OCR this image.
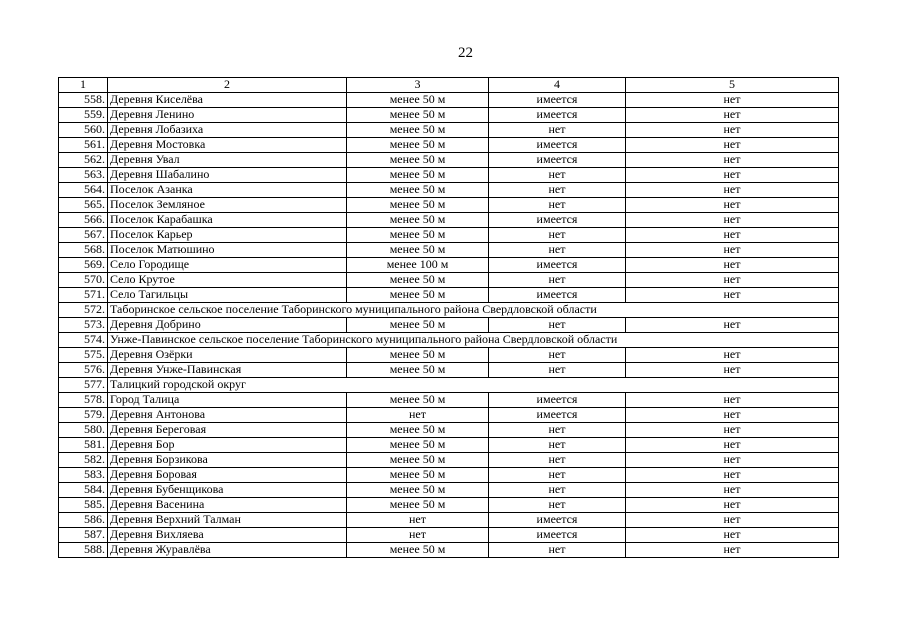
22
1	2	3	4	5
558.	Деревня Киселёва	менее 50 м	имеется	нет
559.	Деревня Ленино	менее 50 м	имеется	нет
560.	Деревня Лобазиха	менее 50 м	нет	нет
561.	Деревня Мостовка	менее 50 м	имеется	нет
562.	Деревня Увал	менее 50 м	имеется	нет
563.	Деревня Шабалино	менее 50 м	нет	нет
564.	Поселок Азанка	менее 50 м	нет	нет
565.	Поселок Земляное	менее 50 м	нет	нет
566.	Поселок Карабашка	менее 50 м	имеется	нет
567.	Поселок Карьер	менее 50 м	нет	нет
568.	Поселок Матюшино	менее 50 м	нет	нет
569.	Село Городище	менее 100 м	имеется	нет
570.	Село Крутое	менее 50 м	нет	нет
571.	Село Тагильцы	менее 50 м	имеется	нет
572.	Таборинское сельское поселение Таборинского муниципального района Свердловской области			
573.	Деревня Добрино	менее 50 м	нет	нет
574.	Унже-Павинское сельское поселение Таборинского муниципального района Свердловской области			
575.	Деревня Озёрки	менее 50 м	нет	нет
576.	Деревня Унже-Павинская	менее 50 м	нет	нет
577.	Талицкий городской округ			
578.	Город Талица	менее 50 м	имеется	нет
579.	Деревня Антонова	нет	имеется	нет
580.	Деревня Береговая	менее 50 м	нет	нет
581.	Деревня Бор	менее 50 м	нет	нет
582.	Деревня Борзикова	менее 50 м	нет	нет
583.	Деревня Боровая	менее 50 м	нет	нет
584.	Деревня Бубенщикова	менее 50 м	нет	нет
585.	Деревня Васенина	менее 50 м	нет	нет
586.	Деревня Верхний Талман	нет	имеется	нет
587.	Деревня Вихляева	нет	имеется	нет
588.	Деревня Журавлёва	менее 50 м	нет	нет
